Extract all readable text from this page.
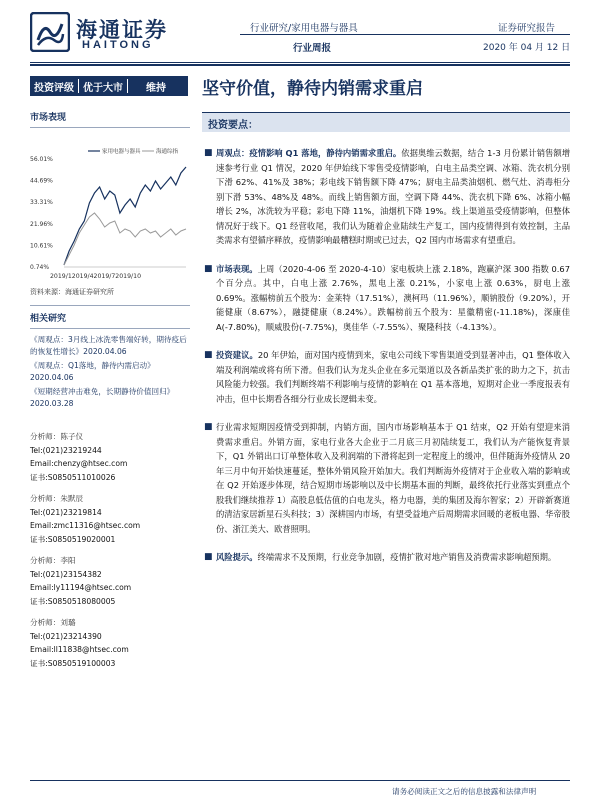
海通证券
HAITONG
行业研究/家用电器与器具
行业周报
证券研究报告
2020 年 04 月 12 日
投资评级 优于大市	维持 坚守价值，静待内销需求重启
市场表现
56.01%
44.69%
33.31%
21.96%
10.61%
0.74%
2019/12019/42019/72019/10
家用电器与器具	海通综指
资料来源：海通证券研究所
相关研究
《周观点：3月线上冰洗零售端好转，期待疫后的恢复性增长》2020.04.06
《周观点：Q1落地，静待内需启动》2020.04.06
《短期经营冲击难免，长期静待价值回归》2020.03.28
分析师：陈子仪
Tel:(021)23219244
Email:chenzy@htsec.com
证书:S0850511010026
分析师：朱默辰
Tel:(021)23219814
Email:zmc11316@htsec.com
证书:S0850519020001
分析师：李阳
Tel:(021)23154382
Email:ly11194@htsec.com
证书:S0850518080005
分析师：刘璐
Tel:(021)23214390
Email:ll11838@htsec.com
证书:S0850519100003
投资要点：
■ 周观点：疫情影响 Q1 落地，静待内销需求重启。依据奥维云数据，结合 1-3 月份累计销售额增速参考行业 Q1 情况，2020 年伊始线下零售受疫情影响，白电主品类空调、冰箱、洗衣机分别下滑 62%、41%及 38%；彩电线下销售额下降 47%；厨电主品类油烟机、燃气灶、消毒柜分别下滑 53%、48%及 48%。而线上销售额方面，空调下降 44%、洗衣机下降 6%、冰箱小幅增长 2%，冰洗较为平稳；彩电下降 11%，油烟机下降 19%。线上渠道虽受疫情影响，但整体情况好于线下。Q1 经营收尾，我们认为随着企业陆续生产复工，国内疫情得到有效控制，主品类需求有望循序释放，疫情影响最糟糕时期或已过去，Q2 国内市场需求有望重启。
■ 市场表现。上周（2020-4-06 至 2020-4-10）家电板块上涨 2.18%，跑赢沪深 300 指数 0.67 个百分点。其中，白电上涨 2.76%，黑电上涨 0.21%，小家电上涨 0.63%，厨电上涨 0.69%。涨幅榜前五个股为：金莱特（17.51%），澳柯玛（11.96%），顺钠股份（9.20%），开能健康（8.67%），融捷健康（8.24%）。跌幅榜前五个股为：星徽精密(-11.18%)，深康佳 A(-7.80%)，顺威股份(-7.75%)，奥佳华（-7.55%）、聚隆科技（-4.13%）。
■ 投资建议。20 年伊始，面对国内疫情到来，家电公司线下零售渠道受到显著冲击，Q1 整体收入端及利润端或将有所下滑。但我们认为龙头企业在多元渠道以及各新品类扩张的助力之下，抗击风险能力较强。我们判断终端不利影响与疫情的影响在 Q1 基本落地，短期对企业一季度报表有冲击，但中长期看各细分行业成长逻辑未变。
■ 行业需求短期因疫情受到抑制，内销方面，国内市场影响基本于 Q1 结束，Q2 开始有望迎来消费需求重启。外销方面，家电行业各大企业于二月底三月初陆续复工，我们认为产能恢复背景下，Q1 外销出口订单整体收入及利润端的下滑将起到一定程度上的缓冲，但伴随海外疫情从 20 年三月中旬开始快速蔓延，整体外销风险开始加大。我们判断海外疫情对于企业收入端的影响或在 Q2 开始逐步体现，结合短期市场影响以及中长期基本面的判断，最终依托行业落实到重点个股我们继续推荐 1）高股息低估值的白电龙头，格力电器，美的集团及海尔智家；2）开辟新赛道的清洁家居新星石头科技；3）深耕国内市场，有望受益地产后周期需求回暖的老板电器、华帝股份、浙江美大、欧普照明。
■ 风险提示。终端需求不及预期，行业竞争加剧，疫情扩散对地产销售及消费需求影响超预期。
请务必阅读正文之后的信息披露和法律声明
